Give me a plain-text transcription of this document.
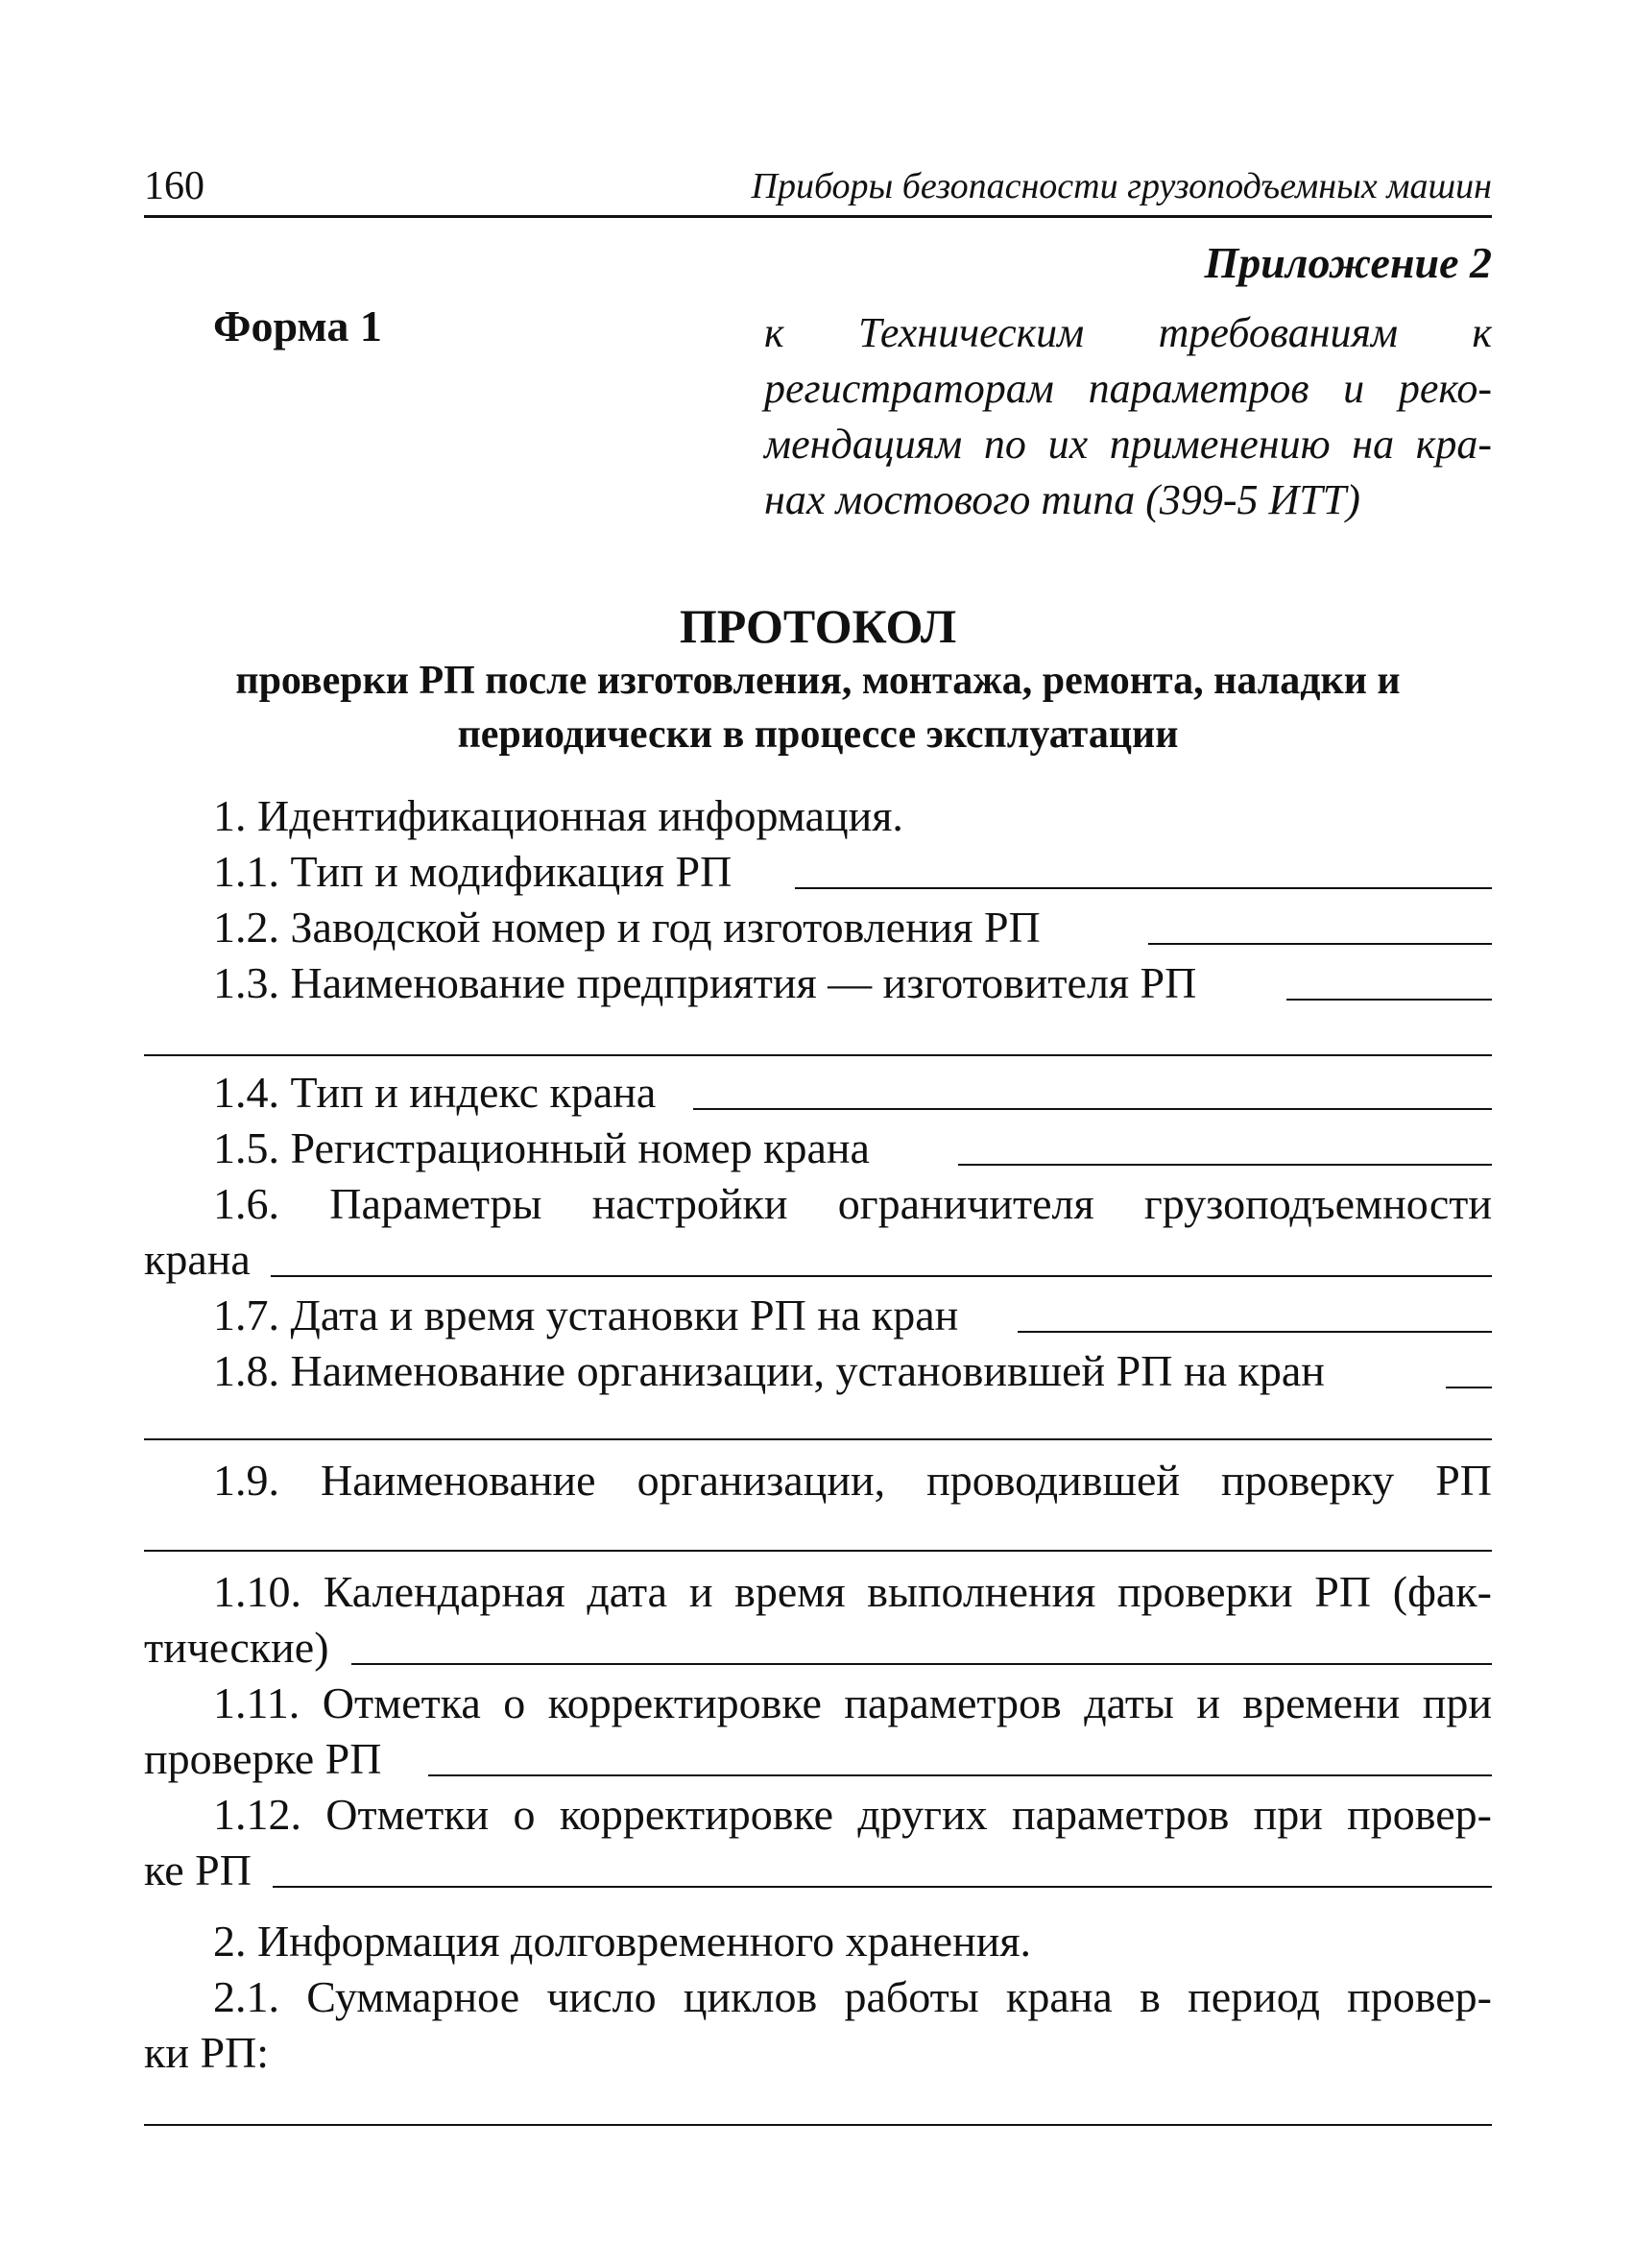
160	Приборы безопасности грузоподъемных машин
Приложение 2
Форма 1	к Техническим требованиям к
регистраторам параметров и реко-
мендациям по их применению на кра-
нах мостового типа (399-5 ИТТ)
ПРОТОКОЛ
проверки РП после изготовления, монтажа, ремонта, наладки и
периодически в процессе эксплуатации
1. Идентификационная информация.
1.1. Тип и модификация РП
1.2. Заводской номер и год изготовления РП
1.3. Наименование предприятия — изготовителя РП
1.4. Тип и индекс крана
1.5. Регистрационный номер крана
1.6. Параметры настройки ограничителя грузоподъемности
крана
1.7. Дата и время установки РП на кран
1.8. Наименование организации, установившей РП на кран
1.9. Наименование организации, проводившей проверку РП
1.10. Календарная дата и время выполнения проверки РП (фак-
тические)
1.11. Отметка о корректировке параметров даты и времени при
проверке РП
1.12. Отметки о корректировке других параметров при провер-
ке РП
2. Информация долговременного хранения.
2.1. Суммарное число циклов работы крана в период провер-
ки РП:
